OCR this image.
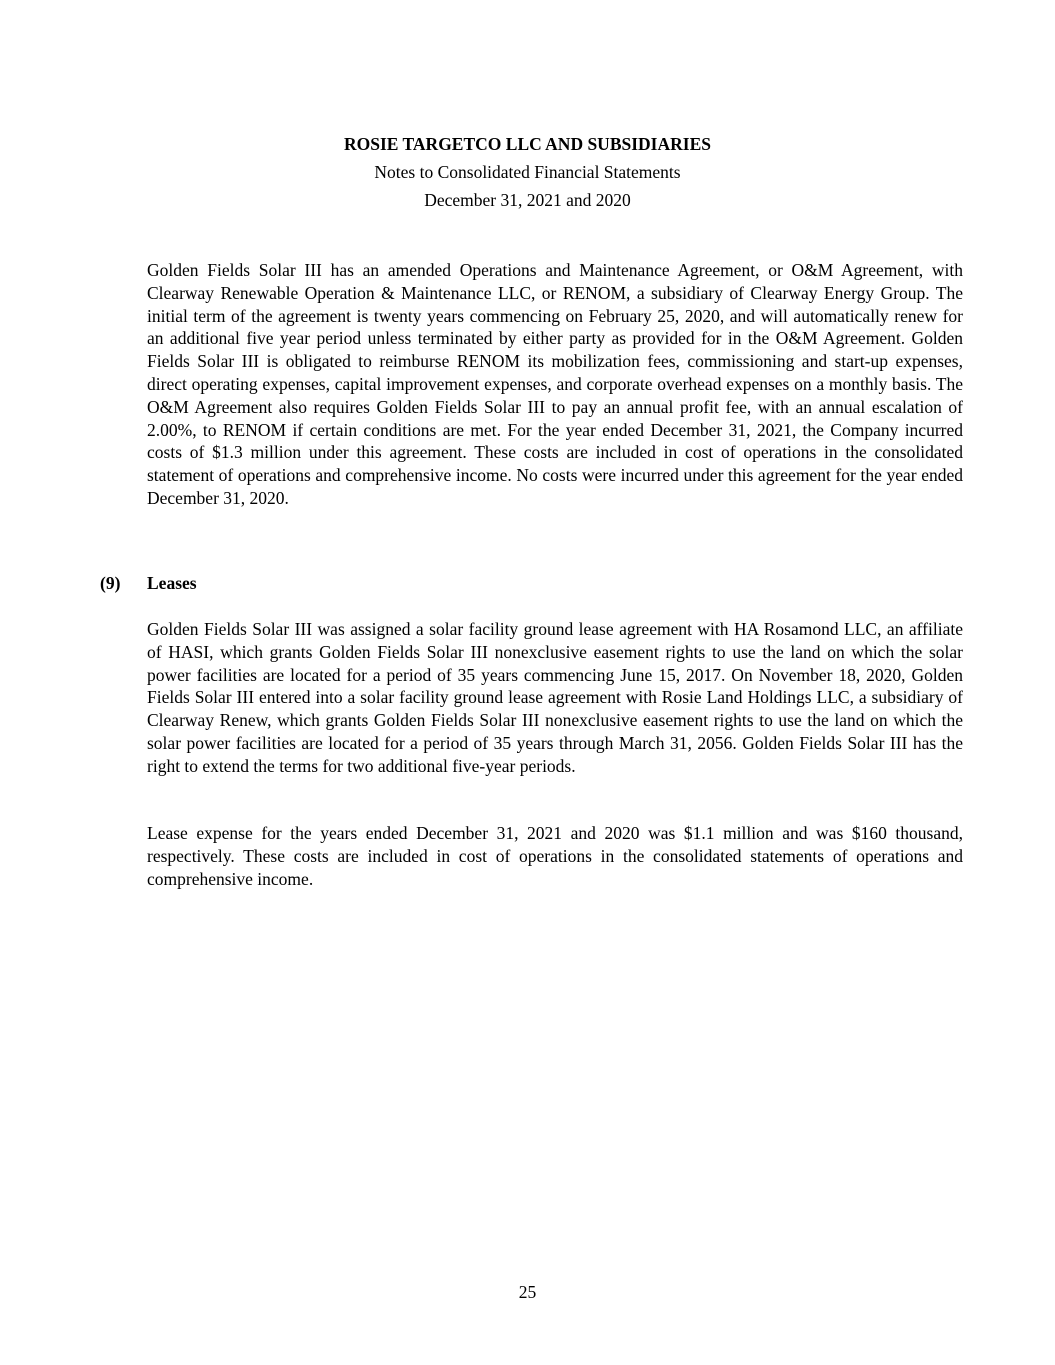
ROSIE TARGETCO LLC AND SUBSIDIARIES
Notes to Consolidated Financial Statements
December 31, 2021 and 2020

Golden Fields Solar III has an amended Operations and Maintenance Agreement, or O&M Agreement, with Clearway Renewable Operation & Maintenance LLC, or RENOM, a subsidiary of Clearway Energy Group. The initial term of the agreement is twenty years commencing on February 25, 2020, and will automatically renew for an additional five year period unless terminated by either party as provided for in the O&M Agreement. Golden Fields Solar III is obligated to reimburse RENOM its mobilization fees, commissioning and start-up expenses, direct operating expenses, capital improvement expenses, and corporate overhead expenses on a monthly basis. The O&M Agreement also requires Golden Fields Solar III to pay an annual profit fee, with an annual escalation of 2.00%, to RENOM if certain conditions are met. For the year ended December 31, 2021, the Company incurred costs of $1.3 million under this agreement. These costs are included in cost of operations in the consolidated statement of operations and comprehensive income. No costs were incurred under this agreement for the year ended December 31, 2020.

(9) Leases

Golden Fields Solar III was assigned a solar facility ground lease agreement with HA Rosamond LLC, an affiliate of HASI, which grants Golden Fields Solar III nonexclusive easement rights to use the land on which the solar power facilities are located for a period of 35 years commencing June 15, 2017. On November 18, 2020, Golden Fields Solar III entered into a solar facility ground lease agreement with Rosie Land Holdings LLC, a subsidiary of Clearway Renew, which grants Golden Fields Solar III nonexclusive easement rights to use the land on which the solar power facilities are located for a period of 35 years through March 31, 2056. Golden Fields Solar III has the right to extend the terms for two additional five-year periods.

Lease expense for the years ended December 31, 2021 and 2020 was $1.1 million and was $160 thousand, respectively. These costs are included in cost of operations in the consolidated statements of operations and comprehensive income.

25
